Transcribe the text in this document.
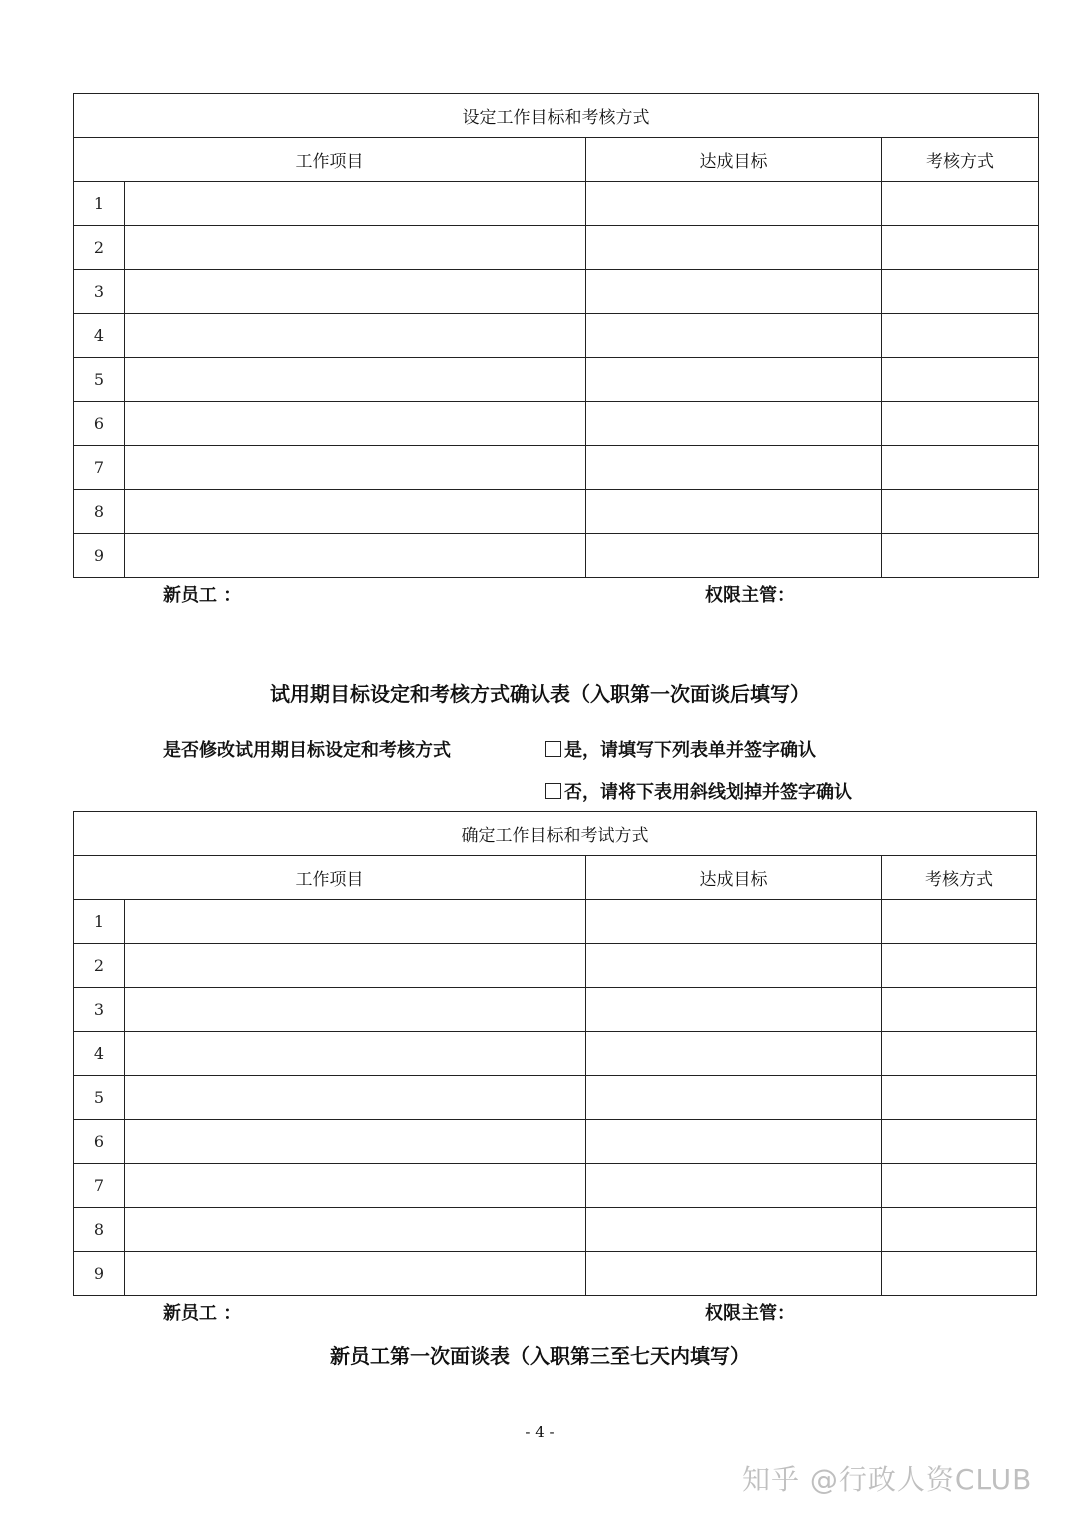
设定工作目标和考核方式			
工作项目		达成目标	考核方式
1			
2			
3			
4			
5			
6			
7			
8			
9			
新员工 ：	权限主管：
试用期目标设定和考核方式确认表（入职第一次面谈后填写）
是否修改试用期目标设定和考核方式	是，请填写下列表单并签字确认
否，请将下表用斜线划掉并签字确认
确定工作目标和考试方式			
工作项目		达成目标	考核方式
1			
2			
3			
4			
5			
6			
7			
8			
9			
新员工 ：	权限主管：
新员工第一次面谈表（入职第三至七天内填写）
- 4 -
知乎 @行政人资CLUB
